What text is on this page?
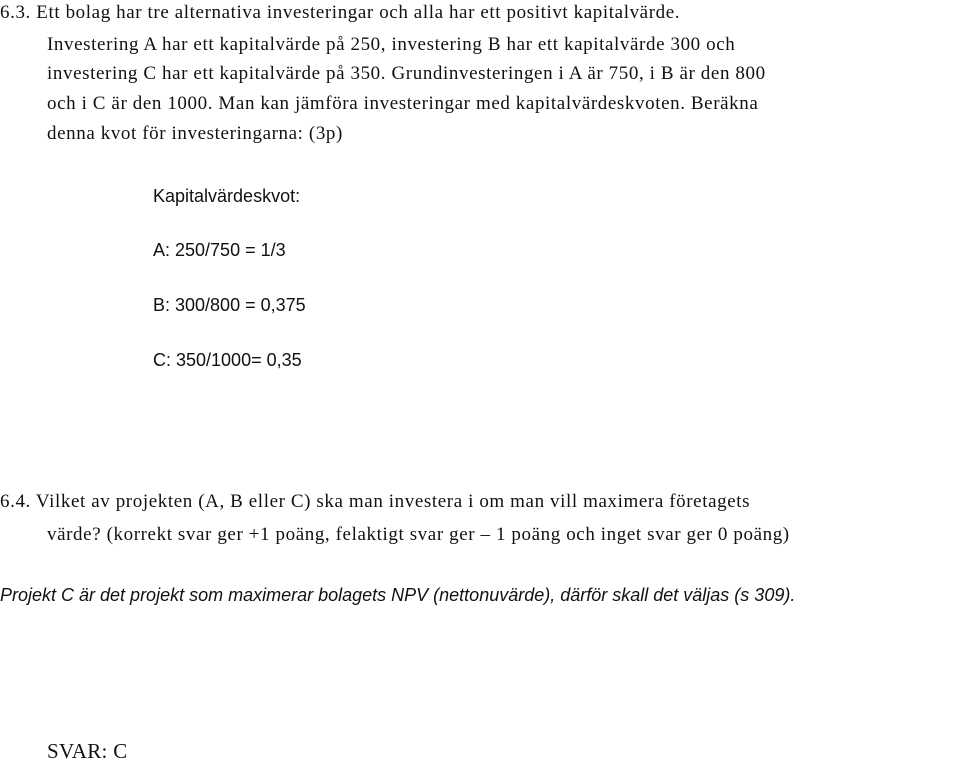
6.3. Ett bolag har tre alternativa investeringar och alla har ett positivt kapitalvärde.
Investering A har ett kapitalvärde på 250, investering B har ett kapitalvärde 300 och
investering C har ett kapitalvärde på 350. Grundinvesteringen i A är 750, i B är den 800
och i C är den 1000. Man kan jämföra investeringar med kapitalvärdeskvoten. Beräkna
denna kvot för investeringarna: (3p)
Kapitalvärdeskvot:
A: 250/750 = 1/3
B: 300/800 = 0,375
C: 350/1000= 0,35
6.4. Vilket av projekten (A, B eller C) ska man investera i om man vill maximera företagets
värde? (korrekt svar ger +1 poäng, felaktigt svar ger – 1 poäng och inget svar ger 0 poäng)
Projekt C är det projekt som maximerar bolagets NPV (nettonuvärde), därför skall det väljas (s 309).
SVAR: C
